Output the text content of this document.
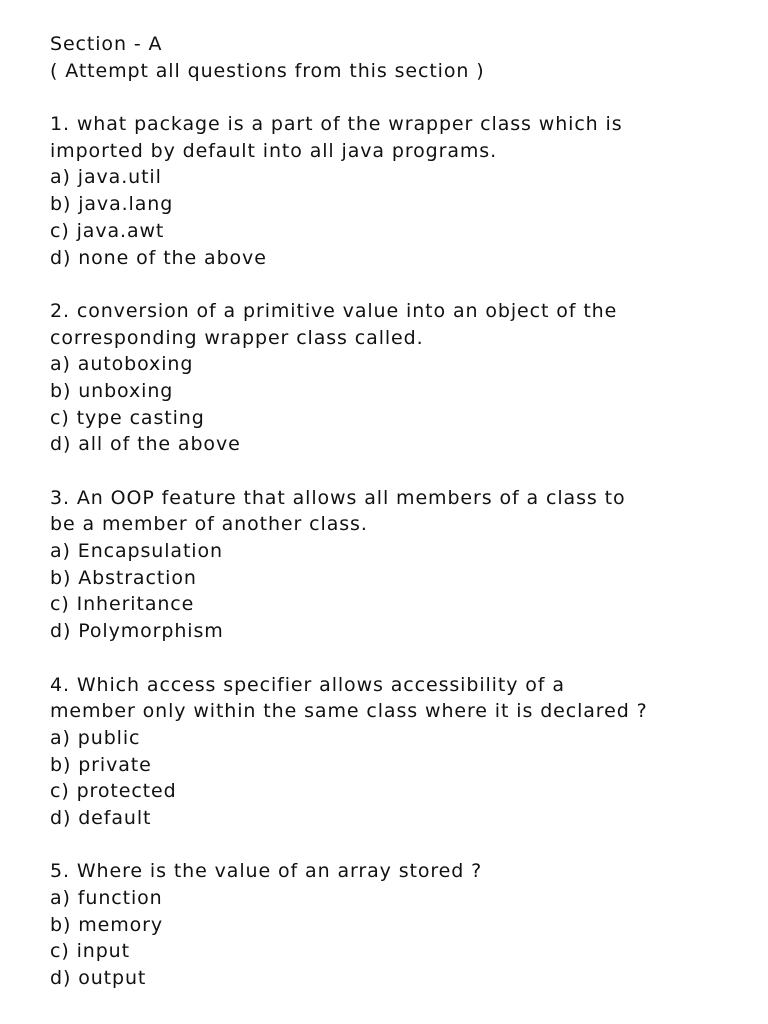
Section - A

( Attempt all questions from this section )

1. what package is a part of the wrapper class which is

imported by default into all java programs.

a) java.util

b) java.lang

c) java.awt

d) none of the above

2. conversion of a primitive value into an object of the

corresponding wrapper class called.

a) autoboxing

b) unboxing

c) type casting

d) all of the above

3. An OOP feature that allows all members of a class to

be a member of another class.

a) Encapsulation

b) Abstraction

c) Inheritance

d) Polymorphism

4. Which access specifier allows accessibility of a

member only within the same class where it is declared ?

a) public

b) private

c) protected

d) default

5. Where is the value of an array stored ?

a) function

b) memory

c) input

d) output
